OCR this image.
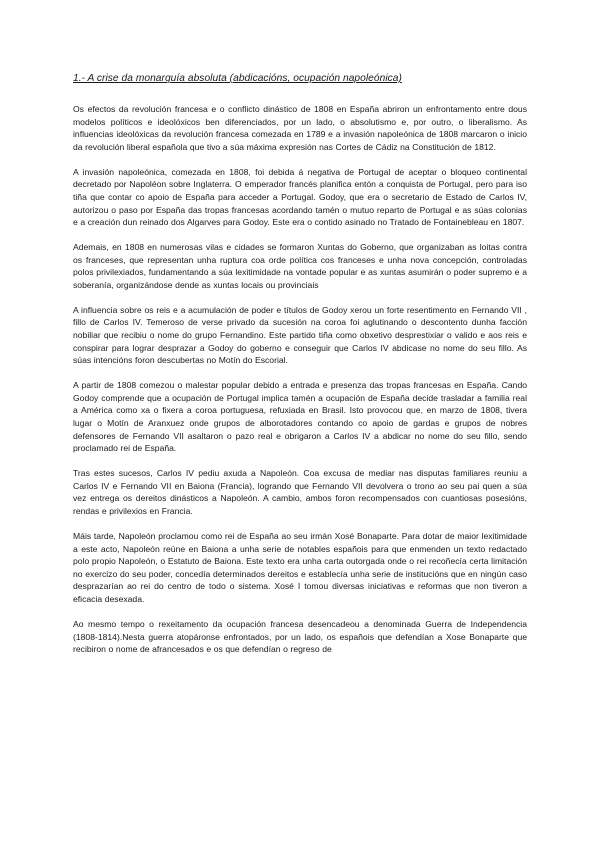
1.- A crise da monarquía absoluta (abdicacións, ocupación napoleónica)

Os efectos da revolución francesa e o conflicto dinástico de 1808 en España abriron un enfrontamento entre dous modelos políticos e ideolóxicos ben diferenciados, por un lado, o absolutismo e, por outro, o liberalismo. As influencias ideolóxicas da revolución francesa comezada en 1789 e a invasión napoleónica de 1808 marcaron o inicio da revolución liberal española que tivo a súa máxima expresión nas Cortes de Cádiz na Constitución de 1812.

A invasión napoleónica, comezada en 1808, foi debida á negativa de Portugal de aceptar o bloqueo continental decretado por Napoléon sobre Inglaterra. O emperador francés planifica entón a conquista de Portugal, pero para iso tiña que contar co apoio de España para acceder a Portugal. Godoy, que era o secretario de Estado de Carlos IV, autorizou o paso por España das tropas francesas acordando tamén o mutuo reparto de Portugal e as súas colonias e a creación dun reinado dos Algarves para Godoy. Este era o contido asinado no Tratado de Fontainebleau en 1807.

Ademais, en 1808 en numerosas vilas e cidades se formaron Xuntas do Goberno, que organizaban as loitas contra os franceses, que representan unha ruptura coa orde política cos franceses e unha nova concepción, controladas polos privilexiados, fundamentando a súa lexitimidade na vontade popular e as xuntas asumirán o poder supremo e a soberanía, organizándose dende as xuntas locais ou provinciais

A influencia sobre os reis e a acumulación de poder e títulos de Godoy xerou un forte resentimento en Fernando VII , fillo de Carlos IV. Temeroso de verse privado da sucesión na coroa foi aglutinando o descontento dunha facción nobiliar que recibiu o nome do grupo Fernandino. Este partido tiña como obxetivo desprestixiar o valido e aos reis e conspirar para lograr desprazar a Godoy do goberno e conseguir que Carlos IV abdicase no nome do seu fillo. As súas intencións foron descubertas no Motín do Escorial.

A partir de 1808 comezou o malestar popular debido a entrada e presenza das tropas francesas en España. Cando Godoy comprende que a ocupación de Portugal implica tamén a ocupación de España decide trasladar a familia real a América como xa o fixera a coroa portuguesa, refuxiada en Brasil. Isto provocou que, en marzo de 1808, tivera lugar o Motín de Aranxuez onde grupos de alborotadores contando co apoio de gardas e grupos de nobres defensores de Fernando VII asaltaron o pazo real e obrigaron a Carlos IV a abdicar no nome do seu fillo, sendo proclamado rei de España.

Tras estes sucesos, Carlos IV pediu axuda a Napoleón. Coa excusa de mediar nas disputas familiares reuniu a Carlos IV e Fernando VII en Baiona (Francia), logrando que Fernando VII devolvera o trono ao seu pai quen a súa vez entrega os dereitos dinásticos a Napoleón. A cambio, ambos foron recompensados con cuantiosas posesións, rendas e privilexios en Francia.

Máis tarde, Napoleón proclamou como rei de España ao seu irmán Xosé Bonaparte. Para dotar de maior lexitimidade a este acto, Napoleón reúne en Baiona a unha serie de notables españois para que enmenden un texto redactado polo propio Napoleón, o Estatuto de Baiona. Este texto era unha carta outorgada onde o rei recoñecía certa limitación no exercizo do seu poder, concedía determinados dereitos e establecía unha serie de institucións que en ningún caso desprazarían ao rei do centro de todo o sistema. Xosé I tomou diversas iniciativas e reformas que non tiveron a eficacia desexada.

Ao mesmo tempo o rexeitamento da ocupación francesa desencadeou a denominada Guerra de Independencia (1808-1814).Nesta guerra atopáronse enfrontados, por un lado, os españois que defendían a Xose Bonaparte que recibiron o nome de afrancesados e os que defendían o regreso de
